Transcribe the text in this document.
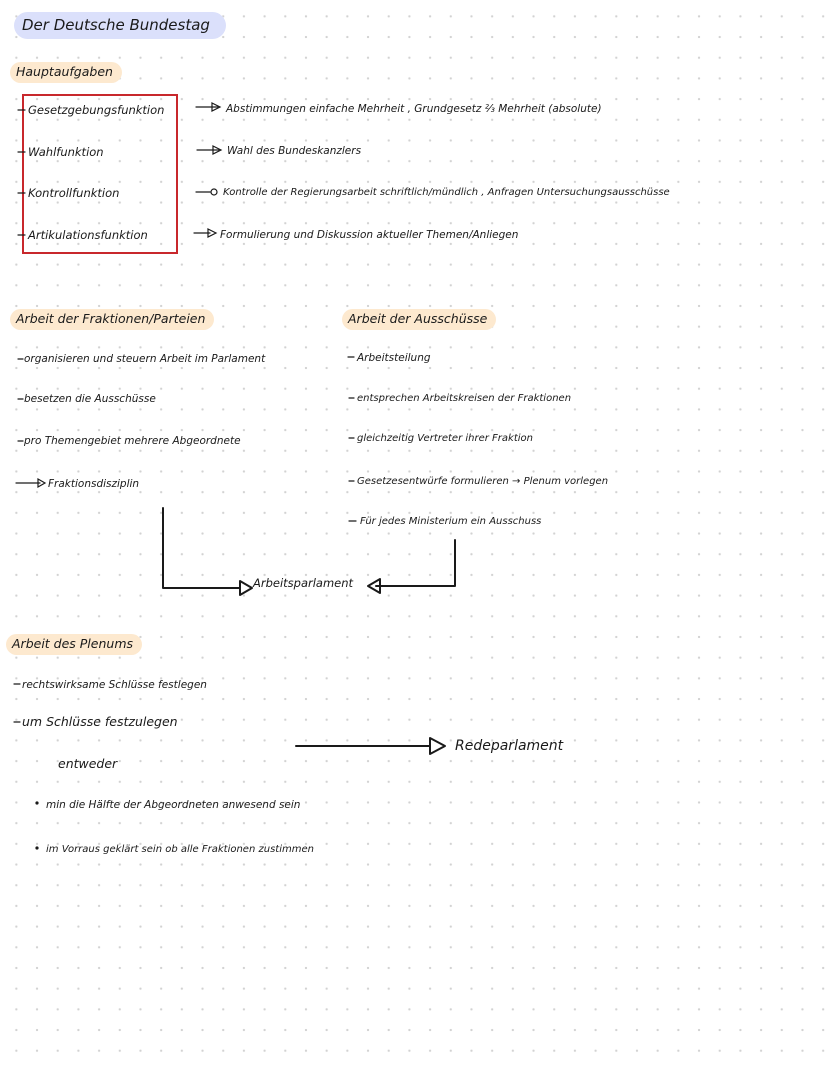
Der Deutsche Bundestag
Hauptaufgaben
Gesetzgebungsfunktion
Wahlfunktion
Kontrollfunktion
Artikulationsfunktion
Abstimmungen einfache Mehrheit , Grundgesetz ⅔ Mehrheit (absolute)
Wahl des Bundeskanzlers
Kontrolle der Regierungsarbeit schriftlich/mündlich , Anfragen Untersuchungsausschüsse
Formulierung und Diskussion aktueller Themen/Anliegen
Arbeit der Fraktionen/Parteien
organisieren und steuern Arbeit im Parlament
besetzen die Ausschüsse
pro Themengebiet mehrere Abgeordnete
Fraktionsdisziplin
Arbeit der Ausschüsse
Arbeitsteilung
entsprechen Arbeitskreisen der Fraktionen
gleichzeitig Vertreter ihrer Fraktion
Gesetzesentwürfe formulieren → Plenum vorlegen
Für jedes Ministerium ein Ausschuss
Arbeitsparlament
Arbeit des Plenums
rechtswirksame Schlüsse festlegen
um Schlüsse festzulegen
entweder
min die Hälfte der Abgeordneten anwesend sein
im Vorraus geklärt sein ob alle Fraktionen zustimmen
Redeparlament
